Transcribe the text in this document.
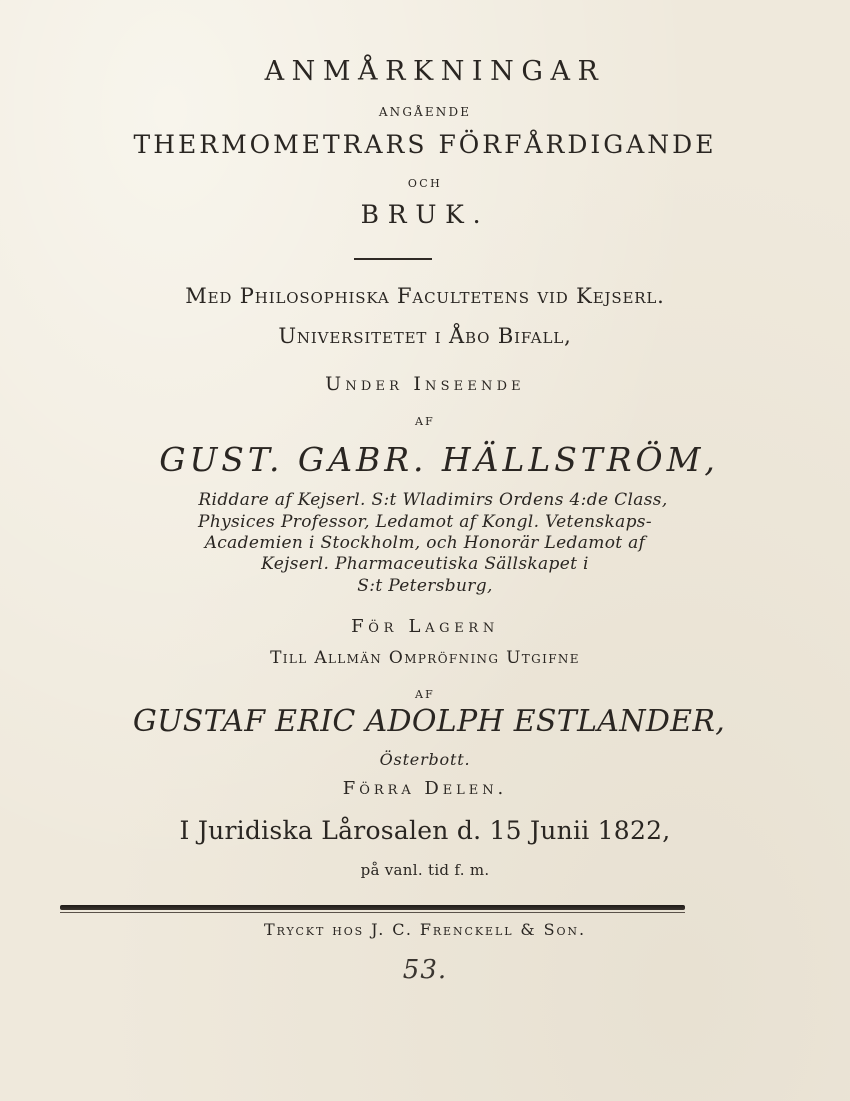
ANMÅRKNINGAR
ANGÅENDE
THERMOMETRARS FÖRFÅRDIGANDE
OCH
BRUK.
Med Philosophiska Facultetens vid Kejserl.
Universitetet i Åbo Bifall,
Under Inseende
AF
GUST. GABR. HÄLLSTRÖM,
Riddare af Kejserl. S:t Wladimirs Ordens 4:de Class,
Physices Professor, Ledamot af Kongl. Vetenskaps-
Academien i Stockholm, och Honorär Ledamot af
Kejserl. Pharmaceutiska Sällskapet i
S:t Petersburg,
För Lagern
Till Allmän Ompröfning Utgifne
AF
GUSTAF ERIC ADOLPH ESTLANDER,
Österbott.
Förra Delen.
I Juridiska Lårosalen d. 15 Junii 1822,
på vanl. tid f. m.
Tryckt hos J. C. Frenckell & Son.
53.
